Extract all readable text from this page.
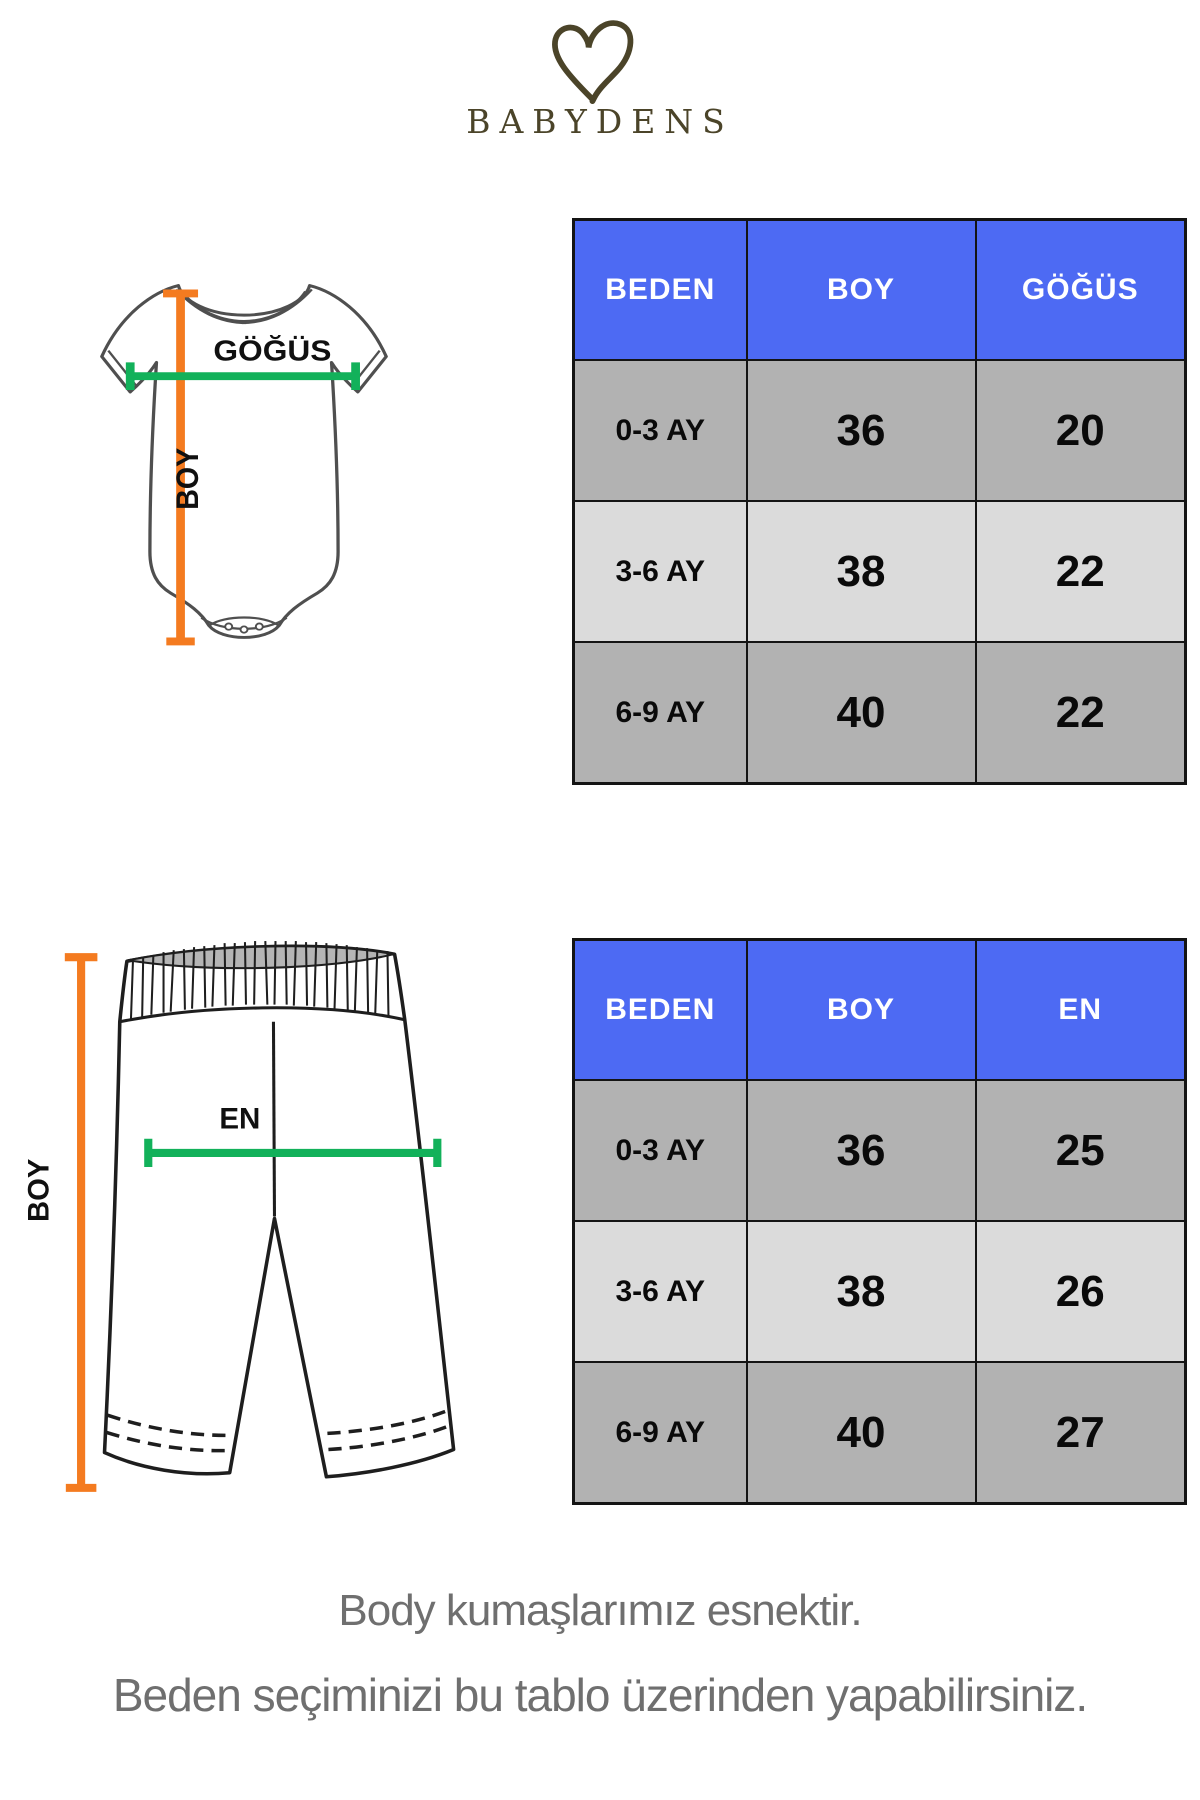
BABYDENS
GÖĞÜS
BOY
BEDEN	BOY	GÖĞÜS
0-3 AY	36	20
3-6 AY	38	22
6-9 AY	40	22
EN
BOY
BEDEN	BOY	EN
0-3 AY	36	25
3-6 AY	38	26
6-9 AY	40	27
Body kumaşlarımız esnektir.
Beden seçiminizi bu tablo üzerinden yapabilirsiniz.
